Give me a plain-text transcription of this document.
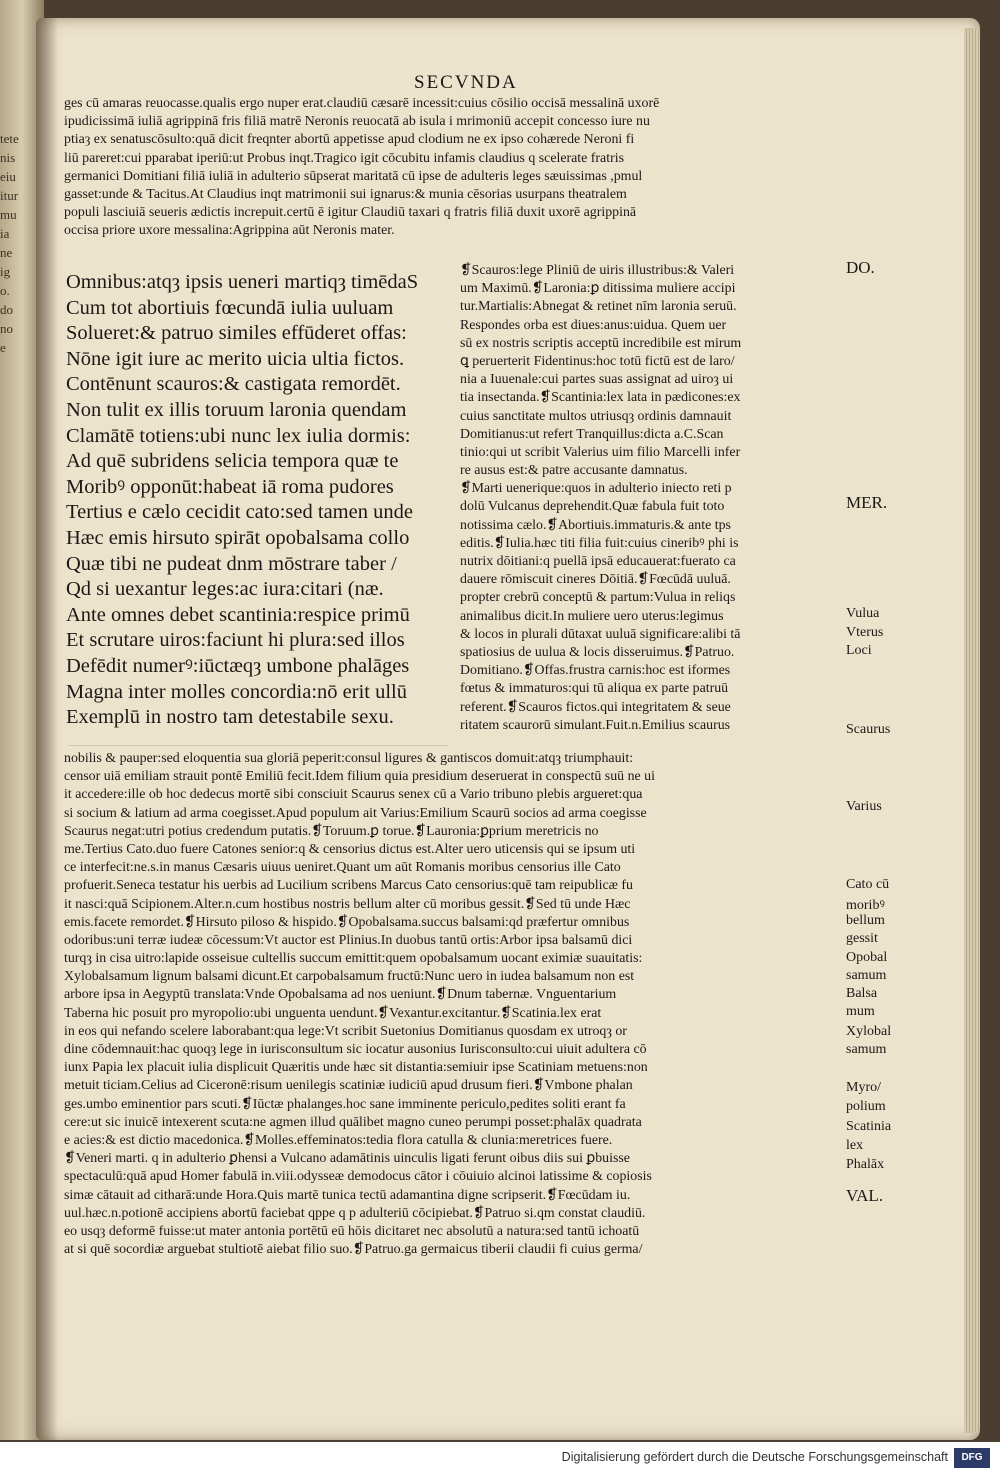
tete
nis
eiu
itur
mu
ia
ne
ig
o.
do
no
e
SECVNDA
ges cū amaras reuocasse.qualis ergo nuper erat.claudiū cæsarē incessit:cuius cōsilio occisā messalinā uxorē
ipudicissimā iuliā agrippinā fris filiā matrē Neronis reuocatā ab isula i mrimoniū accepit concesso iure nu
ptiaȝ ex senatuscōsulto:quā dicit freqnter abortū appetisse apud clodium ne ex ipso cohærede Neroni fi
liū pareret:cui pparabat iperiū:ut Probus inqt.Tragico igit cōcubitu infamis claudius q scelerate fratris
germanici Domitiani filiā iuliā in adulterio sūpserat maritatā cū ipse de adulteris leges sæuissimas ,pmul
gasset:unde & Tacitus.At Claudius inqt matrimonii sui ignarus:& munia cēsorias usurpans theatralem
populi lasciuiā seueris ædictis increpuit.certū ē igitur Claudiū taxari q fratris filiā duxit uxorē agrippinā
occisa priore uxore messalina:Agrippina aūt Neronis mater.
Omnibus:atqȝ ipsis ueneri martiqȝ timēdaS
Cum tot abortiuis fœcundā iulia uuluam
Solueret:& patruo similes effūderet offas:
Nōne igit iure ac merito uicia ultia fictos.
Contēnunt scauros:& castigata remordēt.
Non tulit ex illis toruum laronia quendam
Clamātē totiens:ubi nunc lex iulia dormis:
Ad quē subridens selicia tempora quæ te
Moribꝰ opponūt:habeat iā roma pudores
Tertius e cælo cecidit cato:sed tamen unde
Hæc emis hirsuto spirāt opobalsama collo
Quæ tibi ne pudeat dnm mōstrare taber /
Qd si uexantur leges:ac iura:citari (næ.
Ante omnes debet scantinia:respice primū
Et scrutare uiros:faciunt hi plura:sed illos
Defēdit numerꝰ:iūctæqȝ umbone phalāges
Magna inter molles concordia:nō erit ullū
Exemplū in nostro tam detestabile sexu.
❡Scauros:lege Pliniū de uiris illustribus:& Valeri
um Maximū.❡Laronia:ꝑ ditissima muliere accipi
tur.Martialis:Abnegat & retinet nīm laronia seruū.
Respondes orba est diues:anus:uidua. Quem uer
sū ex nostris scriptis acceptū incredibile est mirum
ꝗ peruerterit Fidentinus:hoc totū fictū est de laro/
nia a Iuuenale:cui partes suas assignat ad uiroȝ ui
tia insectanda.❡Scantinia:lex lata in pædicones:ex
cuius sanctitate multos utriusqȝ ordinis damnauit
Domitianus:ut refert Tranquillus:dicta a.C.Scan
tinio:qui ut scribit Valerius uim filio Marcelli infer
re ausus est:& patre accusante damnatus.
❡Marti uenerique:quos in adulterio iniecto reti p
dolū Vulcanus deprehendit.Quæ fabula fuit toto
notissima cælo.❡Abortiuis.immaturis.& ante tps
editis.❡Iulia.hæc titi filia fuit:cuius cineribꝰ phi is
nutrix dōitiani:q puellā ipsā educauerat:fuerato ca
dauere rōmiscuit cineres Dōitiā.❡Fœcūdā uuluā.
propter crebrū conceptū & partum:Vulua in reliqs
animalibus dicit.In muliere uero uterus:legimus
& locos in plurali dūtaxat uuluā significare:alibi tā
spatiosius de uulua & locis disseruimus.❡Patruo.
Domitiano.❡Offas.frustra carnis:hoc est iformes
fœtus & immaturos:qui tū aliqua ex parte patruū
referent.❡Scauros fictos.qui integritatem & seue
ritatem scaurorū simulant.Fuit.n.Emilius scaurus
nobilis & pauper:sed eloquentia sua gloriā peperit:consul ligures & gantiscos domuit:atqȝ triumphauit:
censor uiā emiliam strauit pontē Emiliū fecit.Idem filium quia presidium deseruerat in conspectū suū ne ui
it accedere:ille ob hoc dedecus mortē sibi consciuit Scaurus senex cū a Vario tribuno plebis argueret:qua
si socium & latium ad arma coegisset.Apud populum ait Varius:Emilium Scaurū socios ad arma coegisse
Scaurus negat:utri potius credendum putatis.❡Toruum.ꝑ torue.❡Lauronia:ꝑprium meretricis no
me.Tertius Cato.duo fuere Catones senior:q & censorius dictus est.Alter uero uticensis qui se ipsum uti
ce interfecit:ne.s.in manus Cæsaris uiuus ueniret.Quant um aūt Romanis moribus censorius ille Cato
profuerit.Seneca testatur his uerbis ad Lucilium scribens Marcus Cato censorius:quē tam reipublicæ fu
it nasci:quā Scipionem.Alter.n.cum hostibus nostris bellum alter cū moribus gessit.❡Sed tū unde Hæc
emis.facete remordet.❡Hirsuto piloso & hispido.❡Opobalsama.succus balsami:qd præfertur omnibus
odoribus:uni terræ iudeæ cōcessum:Vt auctor est Plinius.In duobus tantū ortis:Arbor ipsa balsamū dici
turqȝ in cisa uitro:lapide osseisue cultellis succum emittit:quem opobalsamum uocant eximiæ suauitatis:
Xylobalsamum lignum balsami dicunt.Et carpobalsamum fructū:Nunc uero in iudea balsamum non est
arbore ipsa in Aegyptū translata:Vnde Opobalsama ad nos ueniunt.❡Dnum tabernæ. Vnguentarium
Taberna hic posuit pro myropolio:ubi unguenta uendunt.❡Vexantur.excitantur.❡Scatinia.lex erat
in eos qui nefando scelere laborabant:qua lege:Vt scribit Suetonius Domitianus quosdam ex utroqȝ or
dine cōdemnauit:hac quoqȝ lege in iurisconsultum sic iocatur ausonius Iurisconsulto:cui uiuit adultera cō
iunx Papia lex placuit iulia displicuit Quæritis unde hæc sit distantia:semiuir ipse Scatiniam metuens:non
metuit ticiam.Celius ad Ciceronē:risum uenilegis scatiniæ iudiciū apud drusum fieri.❡Vmbone phalan
ges.umbo eminentior pars scuti.❡Iūctæ phalanges.hoc sane imminente periculo,pedites soliti erant fa
cere:ut sic inuicē intexerent scuta:ne agmen illud quālibet magno cuneo perumpi posset:phalāx quadrata
e acies:& est dictio macedonica.❡Molles.effeminatos:tedia flora catulla & clunia:meretrices fuere.
❡Veneri marti. q in adulterio ꝑhensi a Vulcano adamātinis uinculis ligati ferunt oibus diis sui ꝑbuisse
spectaculū:quā apud Homer fabulā in.viii.odysseæ demodocus cātor i cōuiuio alcinoi latissime & copiosis
simæ cātauit ad citharā:unde Hora.Quis martē tunica tectū adamantina digne scripserit.❡Fœcūdam iu.
uul.hæc.n.potionē accipiens abortū faciebat qppe q p adulteriū cōcipiebat.❡Patruo si.qm constat claudiū.
eo usqȝ deformē fuisse:ut mater antonia portētū eū hōis dicitaret nec absolutū a natura:sed tantū ichoatū
at si quē socordiæ arguebat stultiotē aiebat filio suo.❡Patruo.ga germaicus tiberii claudii fi cuius germa/
DO.
MER.
Vulua
Vterus
Loci
Scaurus
Varius
Cato cū
moribꝰ
bellum
gessit
Opobal
samum
Balsa
mum
Xylobal
samum
Myro/
polium
Scatinia
lex
Phalāx
VAL.
Digitalisierung gefördert durch die Deutsche Forschungsgemeinschaft	DFG
